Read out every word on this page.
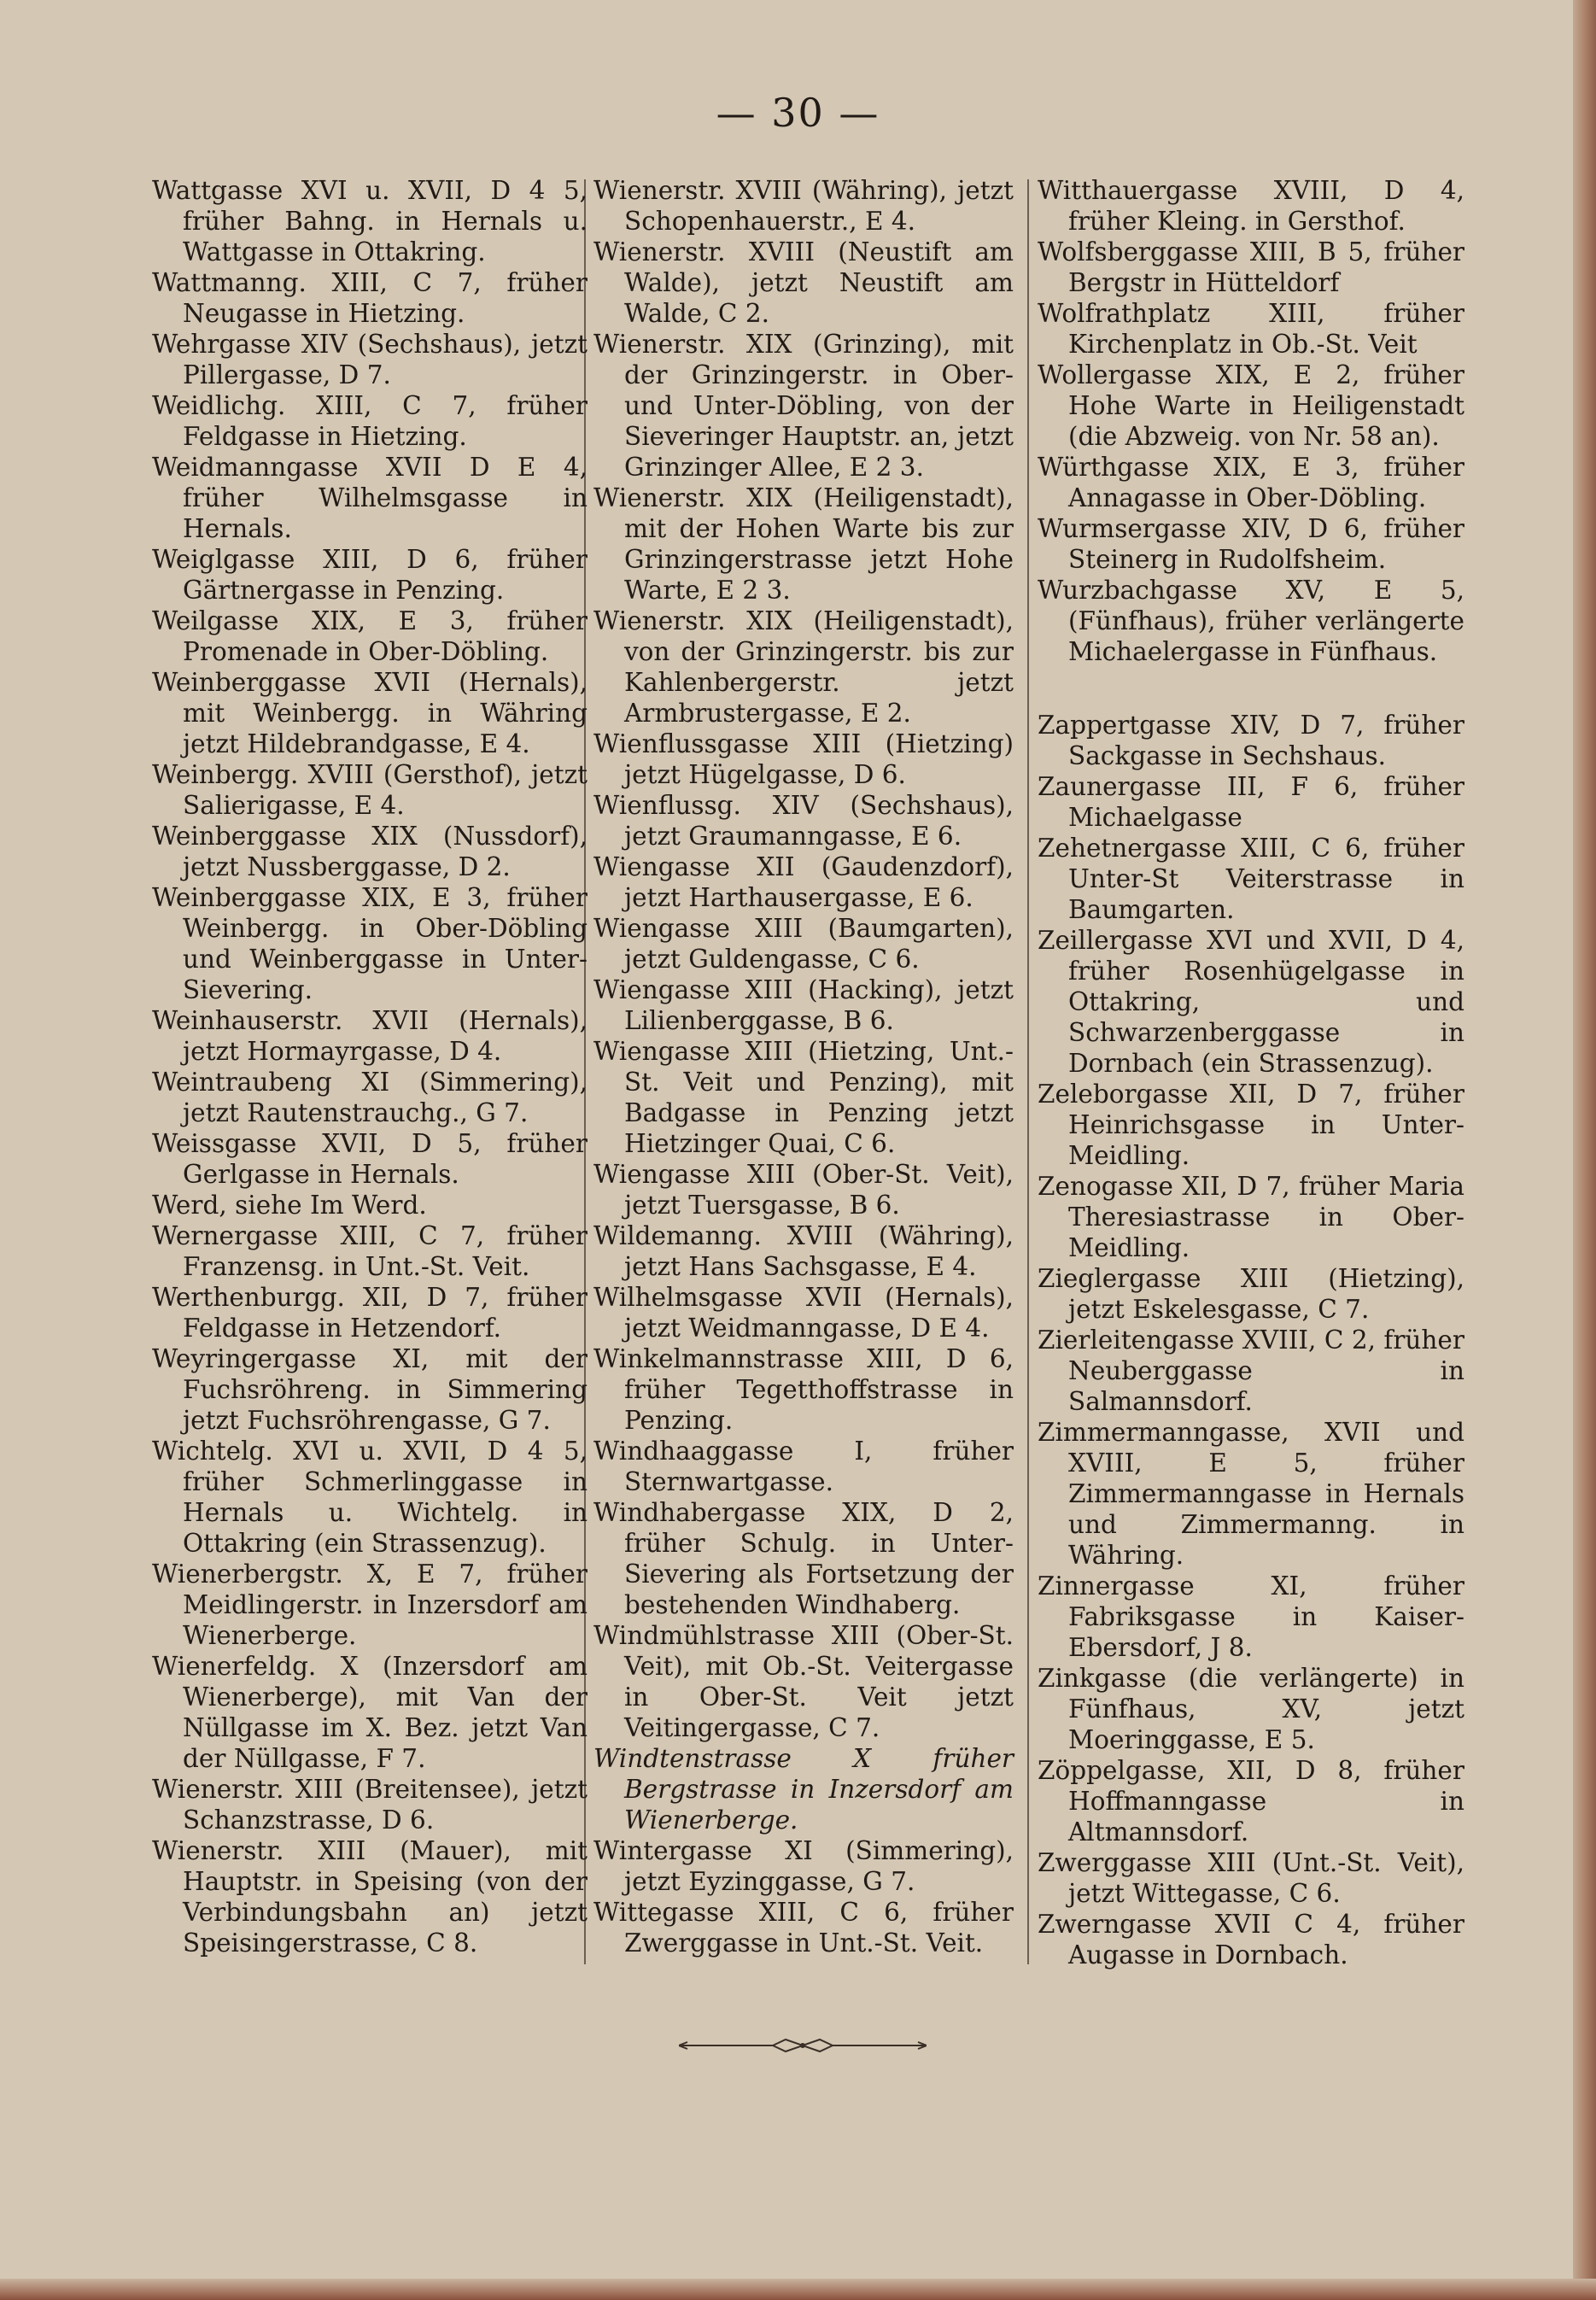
— 30 —

Wattgasse XVI u. XVII, D 4 5, früher Bahng. in Hernals u. Wattgasse in Ottakring.

Wattmanng. XIII, C 7, früher Neugasse in Hietzing.

Wehrgasse XIV (Sechshaus), jetzt Pillergasse, D 7.

Weidlichg. XIII, C 7, früher Feldgasse in Hietzing.

Weidmanngasse XVII D E 4, früher Wilhelmsgasse in Hernals.

Weiglgasse XIII, D 6, früher Gärtnergasse in Penzing.

Weilgasse XIX, E 3, früher Promenade in Ober-Döbling.

Weinberggasse XVII (Hernals), mit Weinbergg. in Währing jetzt Hildebrandgasse, E 4.

Weinbergg. XVIII (Gersthof), jetzt Salierigasse, E 4.

Weinberggasse XIX (Nussdorf), jetzt Nussberggasse, D 2.

Weinberggasse XIX, E 3, früher Weinbergg. in Ober-Döbling und Weinberggasse in Unter-Sievering.

Weinhauserstr. XVII (Hernals), jetzt Hormayrgasse, D 4.

Weintraubeng XI (Simmering), jetzt Rautenstrauchg., G 7.

Weissgasse XVII, D 5, früher Gerlgasse in Hernals.

Werd, siehe Im Werd.

Wernergasse XIII, C 7, früher Franzensg. in Unt.-St. Veit.

Werthenburgg. XII, D 7, früher Feldgasse in Hetzendorf.

Weyringergasse XI, mit der Fuchsröhreng. in Simmering jetzt Fuchsröhrengasse, G 7.

Wichtelg. XVI u. XVII, D 4 5, früher Schmerlinggasse in Hernals u. Wichtelg. in Ottakring (ein Strassenzug).

Wienerbergstr. X, E 7, früher Meidlingerstr. in Inzersdorf am Wienerberge.

Wienerfeldg. X (Inzersdorf am Wienerberge), mit Van der Nüllgasse im X. Bez. jetzt Van der Nüllgasse, F 7.

Wienerstr. XIII (Breitensee), jetzt Schanzstrasse, D 6.

Wienerstr. XIII (Mauer), mit Hauptstr. in Speising (von der Verbindungsbahn an) jetzt Speisingerstrasse, C 8.

Wienerstr. XVIII (Währing), jetzt Schopenhauerstr., E 4.

Wienerstr. XVIII (Neustift am Walde), jetzt Neustift am Walde, C 2.

Wienerstr. XIX (Grinzing), mit der Grinzingerstr. in Ober- und Unter-Döbling, von der Sieveringer Hauptstr. an, jetzt Grinzinger Allee, E 2 3.

Wienerstr. XIX (Heiligenstadt), mit der Hohen Warte bis zur Grinzingerstrasse jetzt Hohe Warte, E 2 3.

Wienerstr. XIX (Heiligenstadt), von der Grinzingerstr. bis zur Kahlenbergerstr. jetzt Armbrustergasse, E 2.

Wienflussgasse XIII (Hietzing) jetzt Hügelgasse, D 6.

Wienflussg. XIV (Sechshaus), jetzt Graumanngasse, E 6.

Wiengasse XII (Gaudenzdorf), jetzt Harthausergasse, E 6.

Wiengasse XIII (Baumgarten), jetzt Guldengasse, C 6.

Wiengasse XIII (Hacking), jetzt Lilienberggasse, B 6.

Wiengasse XIII (Hietzing, Unt.-St. Veit und Penzing), mit Badgasse in Penzing jetzt Hietzinger Quai, C 6.

Wiengasse XIII (Ober-St. Veit), jetzt Tuersgasse, B 6.

Wildemanng. XVIII (Währing), jetzt Hans Sachsgasse, E 4.

Wilhelmsgasse XVII (Hernals), jetzt Weidmanngasse, D E 4.

Winkelmannstrasse XIII, D 6, früher Tegetthoffstrasse in Penzing.

Windhaaggasse I, früher Sternwartgasse.

Windhabergasse XIX, D 2, früher Schulg. in Unter-Sievering als Fortsetzung der bestehenden Windhaberg.

Windmühlstrasse XIII (Ober-St. Veit), mit Ob.-St. Veitergasse in Ober-St. Veit jetzt Veitingergasse, C 7.

Windtenstrasse X früher Bergstrasse in Inzersdorf am Wienerberge.

Wintergasse XI (Simmering), jetzt Eyzinggasse, G 7.

Wittegasse XIII, C 6, früher Zwerggasse in Unt.-St. Veit.

Witthauergasse XVIII, D 4, früher Kleing. in Gersthof.

Wolfsberggasse XIII, B 5, früher Bergstr in Hütteldorf

Wolfrathplatz XIII, früher Kirchenplatz in Ob.-St. Veit

Wollergasse XIX, E 2, früher Hohe Warte in Heiligenstadt (die Abzweig. von Nr. 58 an).

Würthgasse XIX, E 3, früher Annagasse in Ober-Döbling.

Wurmsergasse XIV, D 6, früher Steinerg in Rudolfsheim.

Wurzbachgasse XV, E 5, (Fünfhaus), früher verlängerte Michaelergasse in Fünfhaus.

Zappertgasse XIV, D 7, früher Sackgasse in Sechshaus.

Zaunergasse III, F 6, früher Michaelgasse

Zehetnergasse XIII, C 6, früher Unter-St Veiterstrasse in Baumgarten.

Zeillergasse XVI und XVII, D 4, früher Rosenhügelgasse in Ottakring, und Schwarzenberggasse in Dornbach (ein Strassenzug).

Zeleborgasse XII, D 7, früher Heinrichsgasse in Unter-Meidling.

Zenogasse XII, D 7, früher Maria Theresiastrasse in Ober-Meidling.

Zieglergasse XIII (Hietzing), jetzt Eskelesgasse, C 7.

Zierleitengasse XVIII, C 2, früher Neuberggasse in Salmannsdorf.

Zimmermanngasse, XVII und XVIII, E 5, früher Zimmermanngasse in Hernals und Zimmermanng. in Währing.

Zinnergasse XI, früher Fabriksgasse in Kaiser-Ebersdorf, J 8.

Zinkgasse (die verlängerte) in Fünfhaus, XV, jetzt Moeringgasse, E 5.

Zöppelgasse, XII, D 8, früher Hoffmanngasse in Altmannsdorf.

Zwerggasse XIII (Unt.-St. Veit), jetzt Wittegasse, C 6.

Zwerngasse XVII C 4, früher Augasse in Dornbach.
